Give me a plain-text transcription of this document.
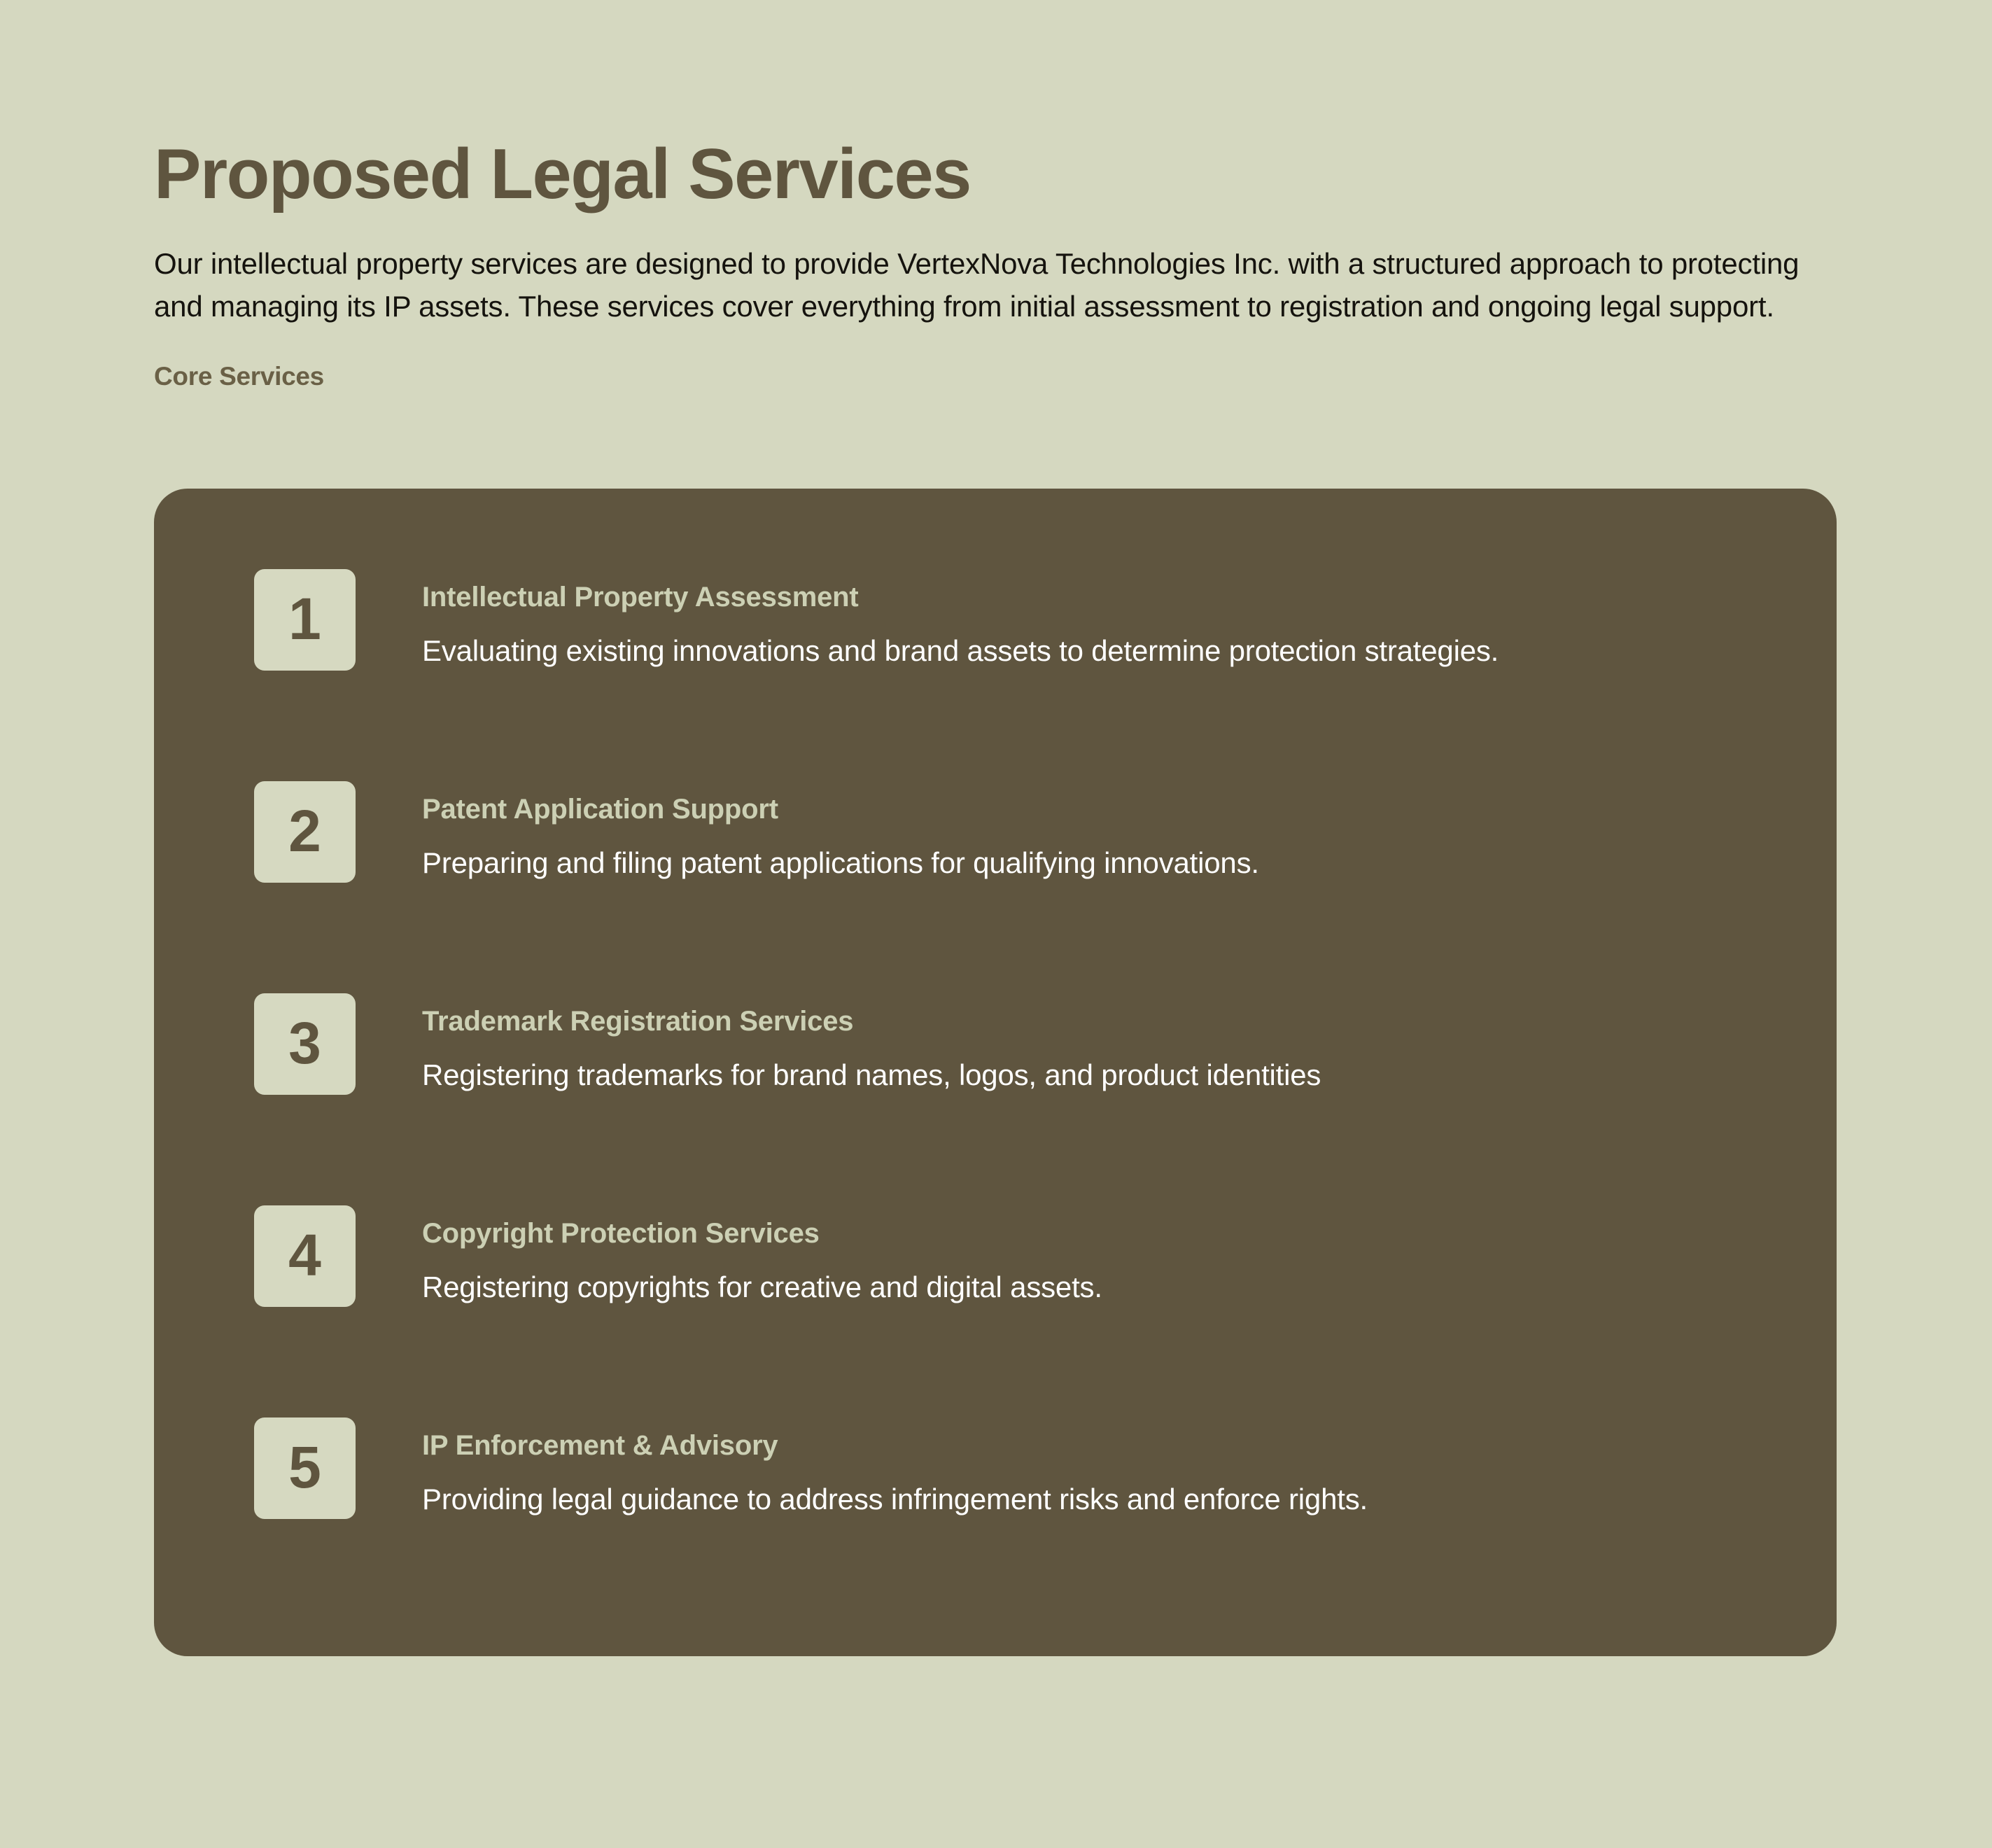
Proposed Legal Services

Our intellectual property services are designed to provide VertexNova Technologies Inc. with a structured approach to protecting and managing its IP assets. These services cover everything from initial assessment to registration and ongoing legal support.

Core Services

1	Intellectual Property Assessment

Evaluating existing innovations and brand assets to determine protection strategies.

2	Patent Application Support

Preparing and filing patent applications for qualifying innovations.

3	Trademark Registration Services

Registering trademarks for brand names, logos, and product identities

4	Copyright Protection Services

Registering copyrights for creative and digital assets.

5	IP Enforcement & Advisory

Providing legal guidance to address infringement risks and enforce rights.
